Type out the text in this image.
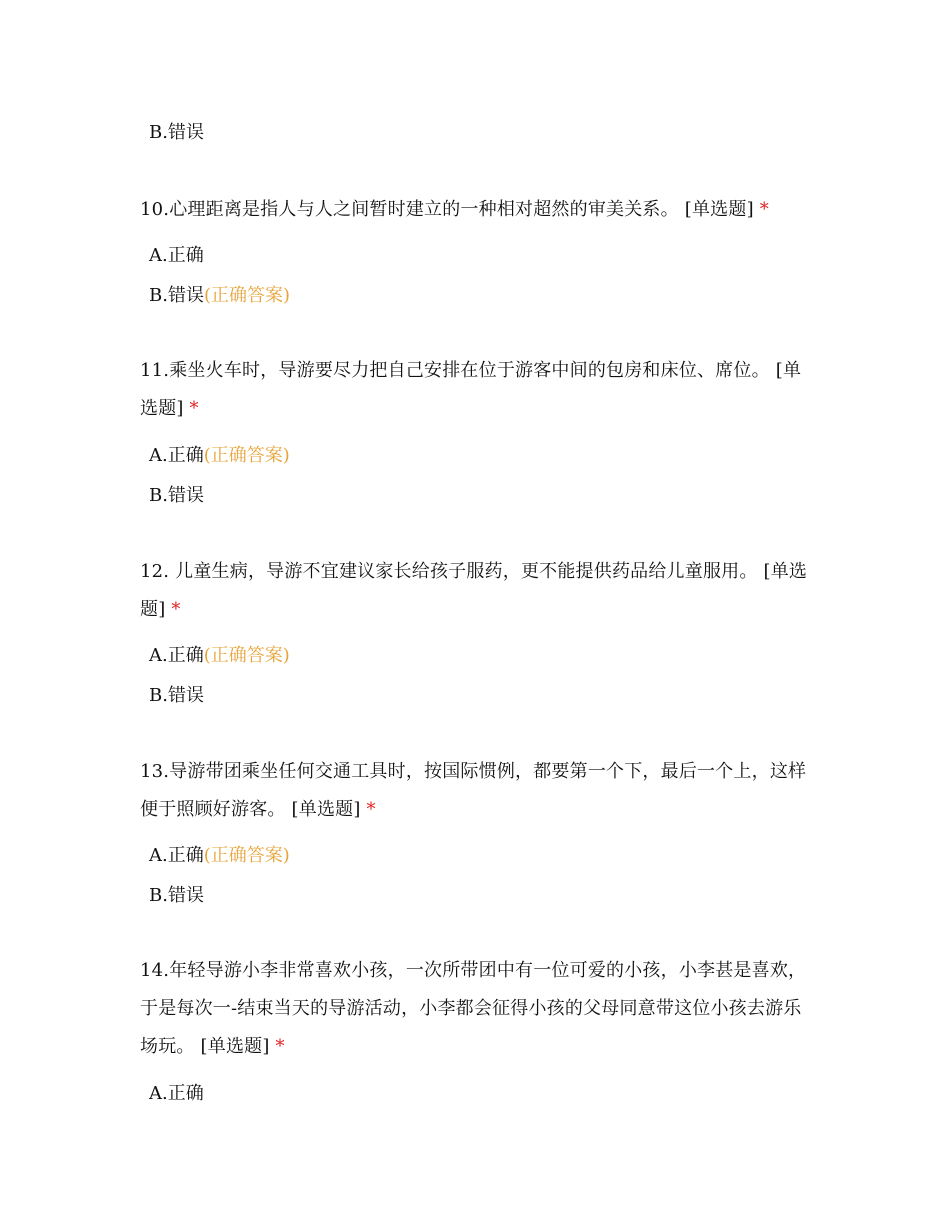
B.错误
10.心理距离是指人与人之间暂时建立的一种相对超然的审美关系。 [单选题] *
A.正确
B.错误(正确答案)
11.乘坐火车时，导游要尽力把自己安排在位于游客中间的包房和床位、席位。 [单选题] *
A.正确(正确答案)
B.错误
12. 儿童生病，导游不宜建议家长给孩子服药，更不能提供药品给儿童服用。 [单选题] *
A.正确(正确答案)
B.错误
13.导游带团乘坐任何交通工具时，按国际惯例，都要第一个下，最后一个上，这样便于照顾好游客。 [单选题] *
A.正确(正确答案)
B.错误
14.年轻导游小李非常喜欢小孩，一次所带团中有一位可爱的小孩，小李甚是喜欢，于是每次一-结束当天的导游活动，小李都会征得小孩的父母同意带这位小孩去游乐场玩。 [单选题] *
A.正确
